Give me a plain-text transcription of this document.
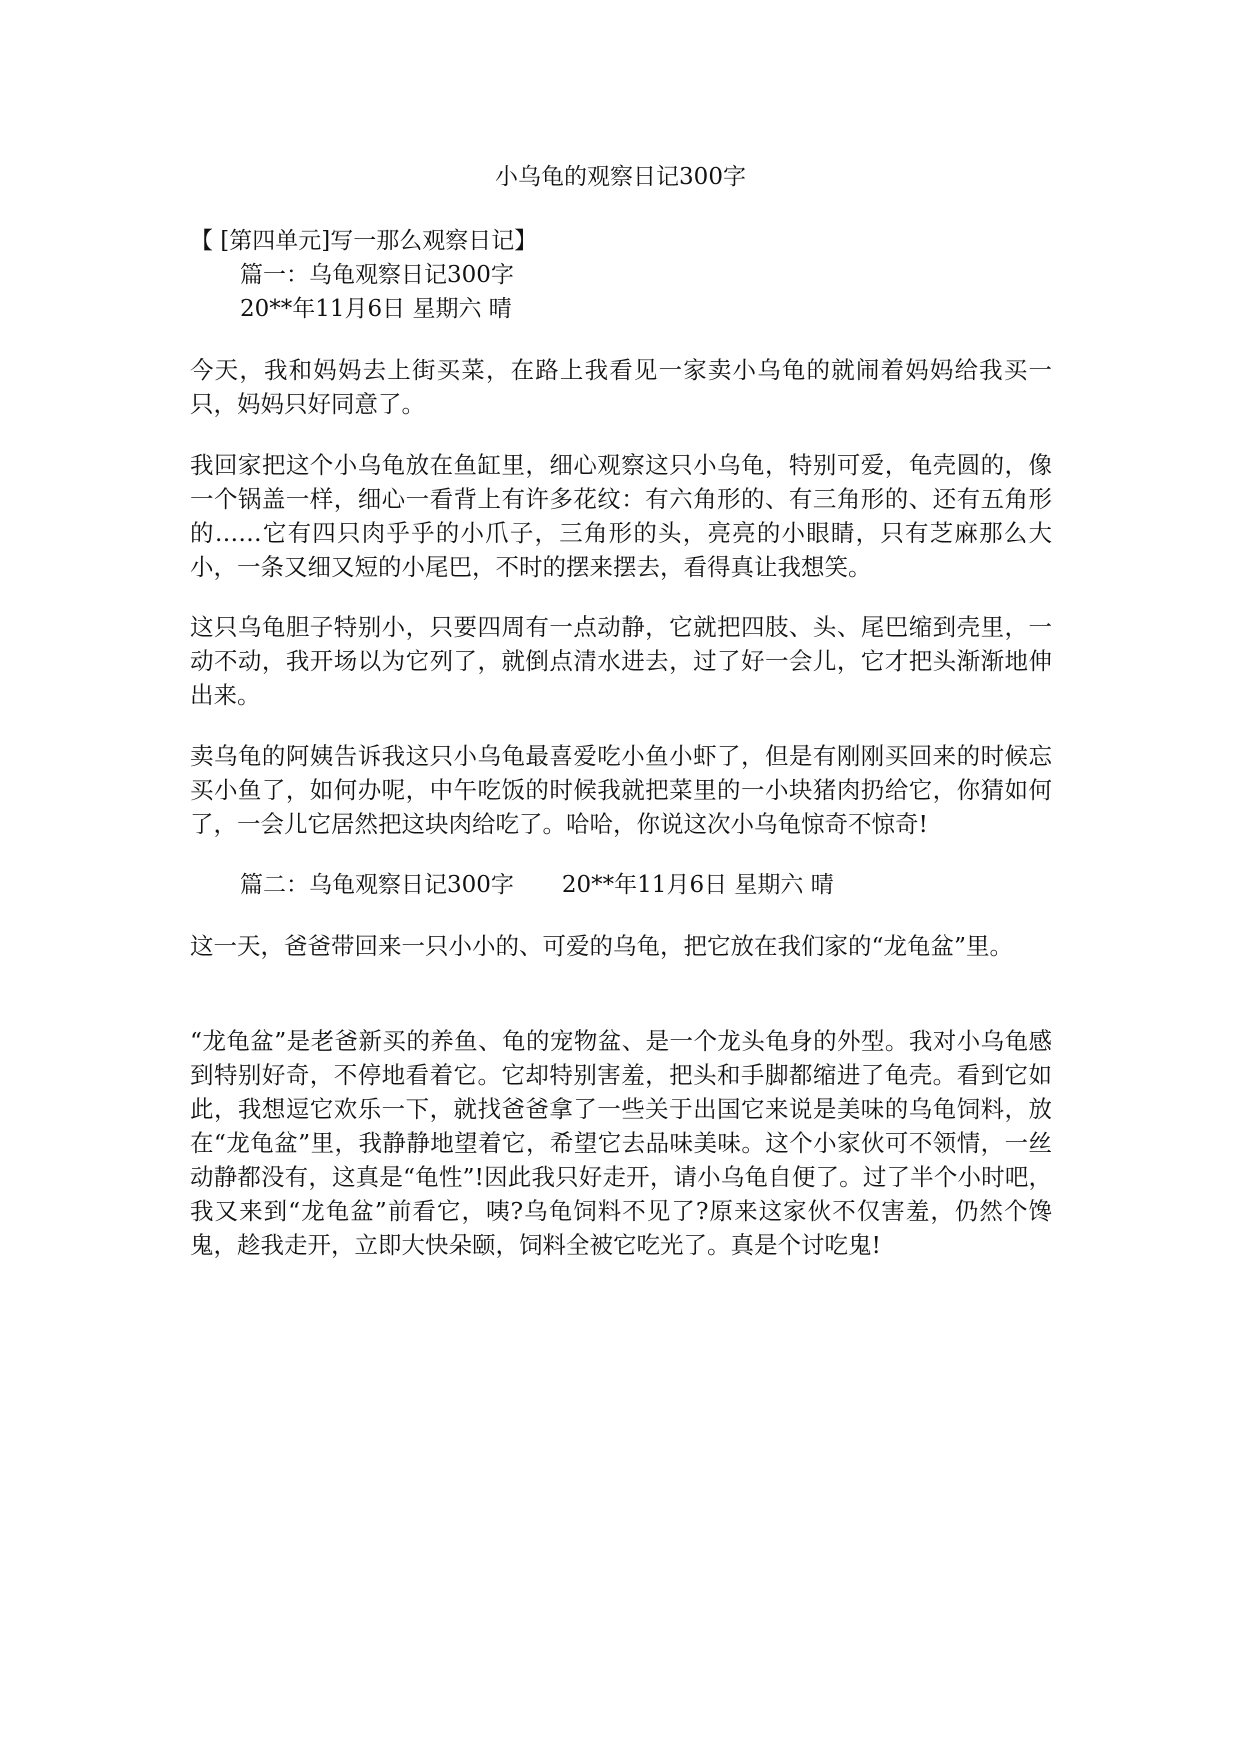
小乌龟的观察日记300字
【 [第四单元]写一那么观察日记】
篇一：乌龟观察日记300字
20**年11月6日 星期六 晴

今天，我和妈妈去上街买菜，在路上我看见一家卖小乌龟的就闹着妈妈给我买一只，妈妈只好同意了。

我回家把这个小乌龟放在鱼缸里，细心观察这只小乌龟，特别可爱，龟壳圆的，像一个锅盖一样，细心一看背上有许多花纹：有六角形的、有三角形的、还有五角形的……它有四只肉乎乎的小爪子，三角形的头，亮亮的小眼睛，只有芝麻那么大小，一条又细又短的小尾巴，不时的摆来摆去，看得真让我想笑。

这只乌龟胆子特别小，只要四周有一点动静，它就把四肢、头、尾巴缩到壳里，一动不动，我开场以为它列了，就倒点清水进去，过了好一会儿，它才把头渐渐地伸出来。

卖乌龟的阿姨告诉我这只小乌龟最喜爱吃小鱼小虾了，但是有刚刚买回来的时候忘买小鱼了，如何办呢，中午吃饭的时候我就把菜里的一小块猪肉扔给它，你猜如何了，一会儿它居然把这块肉给吃了。哈哈，你说这次小乌龟惊奇不惊奇!

篇二：乌龟观察日记300字 20**年11月6日 星期六 晴

这一天，爸爸带回来一只小小的、可爱的乌龟，把它放在我们家的“龙龟盆”里。

“龙龟盆”是老爸新买的养鱼、龟的宠物盆、是一个龙头龟身的外型。我对小乌龟感到特别好奇，不停地看着它。它却特别害羞，把头和手脚都缩进了龟壳。看到它如此，我想逗它欢乐一下，就找爸爸拿了一些关于出国它来说是美味的乌龟饲料，放在“龙龟盆”里，我静静地望着它，希望它去品味美味。这个小家伙可不领情，一丝动静都没有，这真是“龟性”!因此我只好走开，请小乌龟自便了。过了半个小时吧，我又来到“龙龟盆”前看它，咦?乌龟饲料不见了?原来这家伙不仅害羞，仍然个馋鬼，趁我走开，立即大快朵颐，饲料全被它吃光了。真是个讨吃鬼!
